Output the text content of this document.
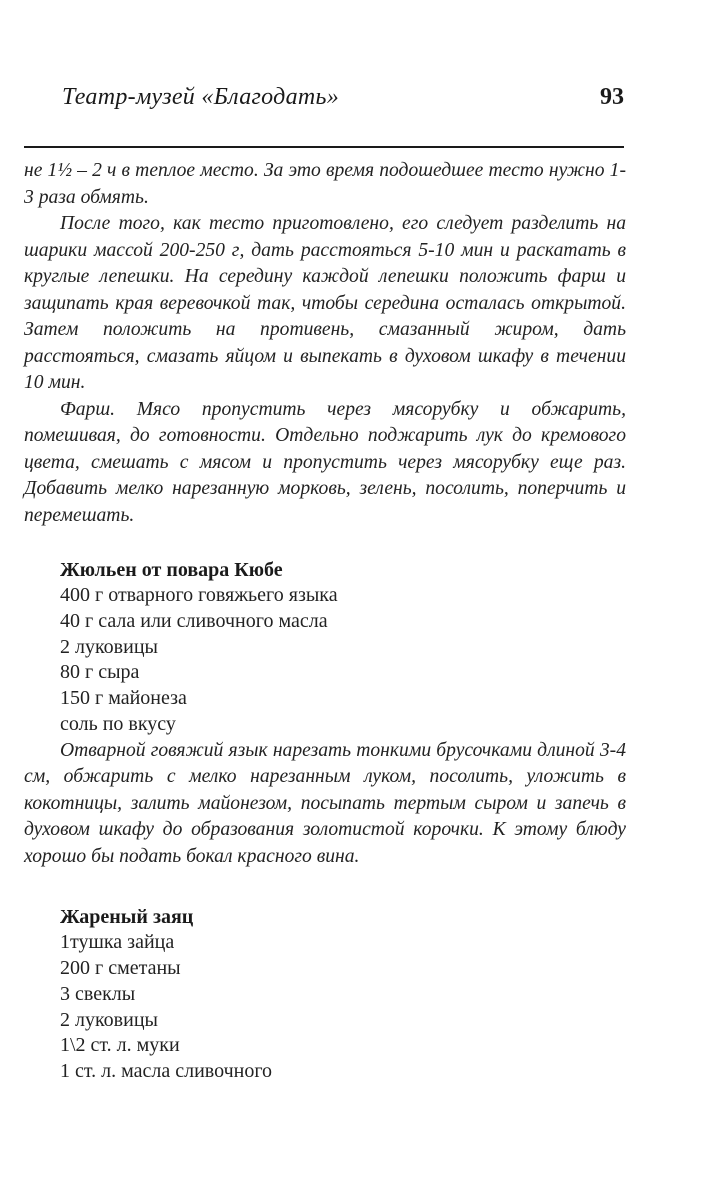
Театр-музей «Благодать»	93

не 1½ – 2 ч в теплое место. За это время подошедшее тесто нужно 1-3 раза обмять.

После того, как тесто приготовлено, его следует разделить на шарики массой 200-250 г, дать расстояться 5-10 мин и раскатать в круглые лепешки. На середину каждой лепешки положить фарш и защипать края веревочкой так, чтобы середина осталась открытой. Затем положить на противень, смазанный жиром, дать расстояться, смазать яйцом и выпекать в духовом шкафу в течении 10 мин.

Фарш. Мясо пропустить через мясорубку и обжарить, помешивая, до готовности. Отдельно поджарить лук до кремового цвета, смешать с мясом и пропустить через мясорубку еще раз. Добавить мелко нарезанную морковь, зелень, посолить, поперчить и перемешать.

Жюльен от повара Кюбе
400 г отварного говяжьего языка
40 г сала или сливочного масла
2 луковицы
80 г сыра
150 г майонеза
соль по вкусу

Отварной говяжий язык нарезать тонкими брусочками длиной 3-4 см, обжарить с мелко нарезанным луком, посолить, уложить в кокотницы, залить майонезом, посыпать тертым сыром и запечь в духовом шкафу до образования золотистой корочки. К этому блюду хорошо бы подать бокал красного вина.

Жареный заяц
1тушка зайца
200 г сметаны
3 свеклы
2 луковицы
1\2 ст. л. муки
1 ст. л. масла сливочного
